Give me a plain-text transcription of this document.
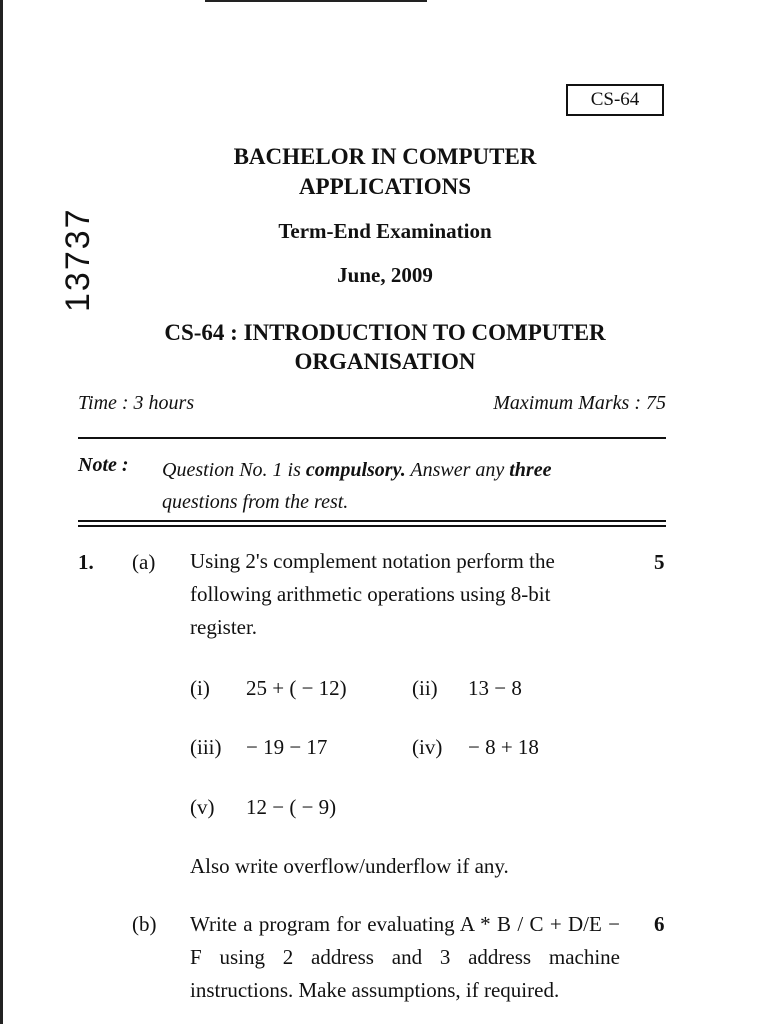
CS-64
13737
BACHELOR IN COMPUTER
APPLICATIONS
Term-End Examination
June, 2009
CS-64 : INTRODUCTION TO COMPUTER
ORGANISATION
Time : 3 hours	Maximum Marks : 75
Note : Question No. 1 is compulsory. Answer any three
questions from the rest.
1. (a)	5
Using 2's complement notation perform the following arithmetic operations using 8-bit register.
(i) 25 + ( − 12)	(ii) 13 − 8
(iii) − 19 − 17	(iv) − 8 + 18
(v) 12 − ( − 9)
Also write overflow/underflow if any.
(b)	6
Write a program for evaluating A * B / C + D/E − F using 2 address and 3 address machine instructions. Make assumptions, if required.
